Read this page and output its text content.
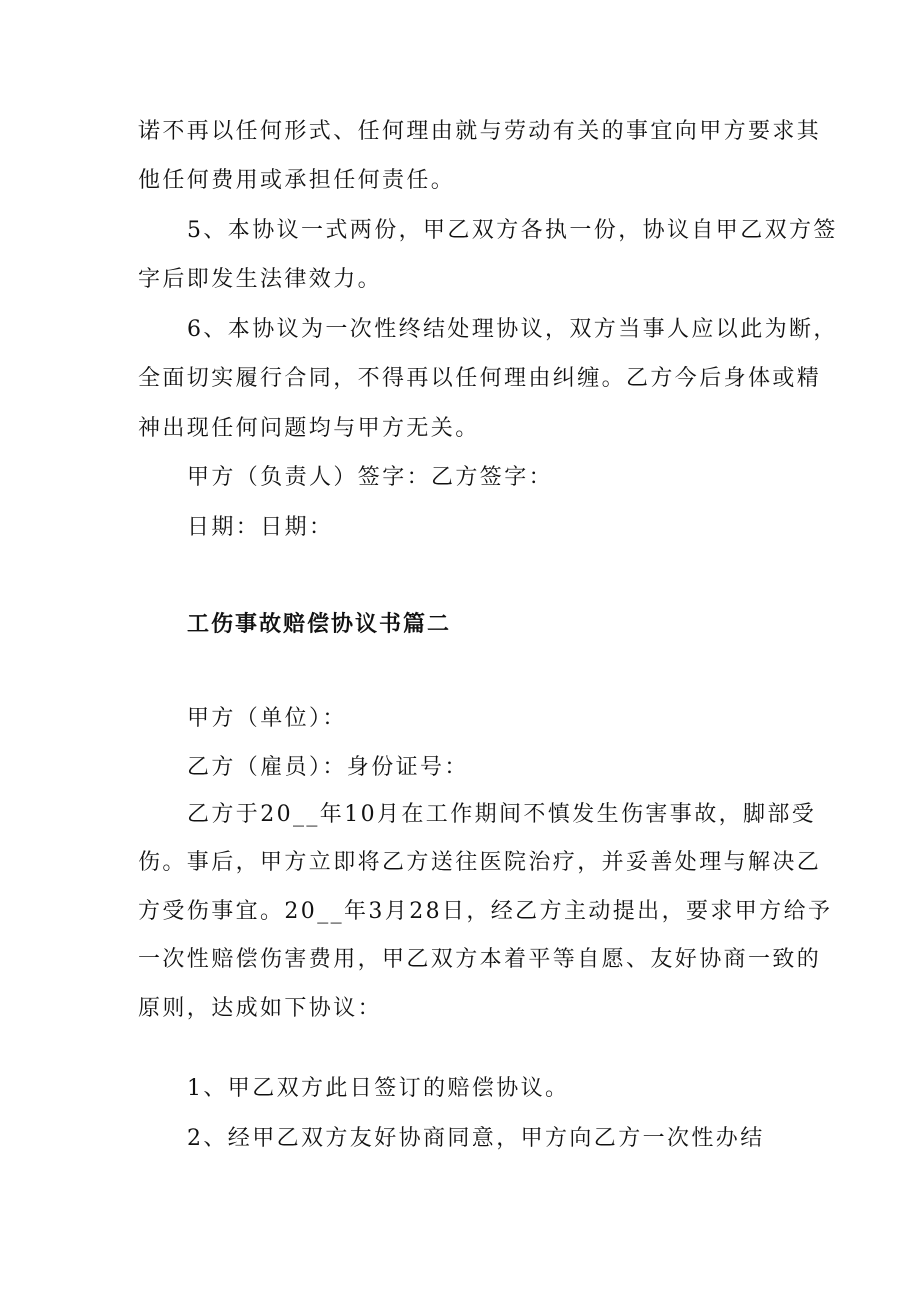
诺不再以任何形式、任何理由就与劳动有关的事宜向甲方要求其
他任何费用或承担任何责任。
5、本协议一式两份，甲乙双方各执一份，协议自甲乙双方签
字后即发生法律效力。
6、本协议为一次性终结处理协议，双方当事人应以此为断，
全面切实履行合同，不得再以任何理由纠缠。乙方今后身体或精
神出现任何问题均与甲方无关。
甲方（负责人）签字：乙方签字：
日期：日期：
工伤事故赔偿协议书篇二
甲方（单位）：
乙方（雇员）：身份证号：
乙方于20__年10月在工作期间不慎发生伤害事故，脚部受
伤。事后，甲方立即将乙方送往医院治疗，并妥善处理与解决乙
方受伤事宜。20__年3月28日，经乙方主动提出，要求甲方给予
一次性赔偿伤害费用，甲乙双方本着平等自愿、友好协商一致的
原则，达成如下协议：
1、甲乙双方此日签订的赔偿协议。
2、经甲乙双方友好协商同意，甲方向乙方一次性办结
